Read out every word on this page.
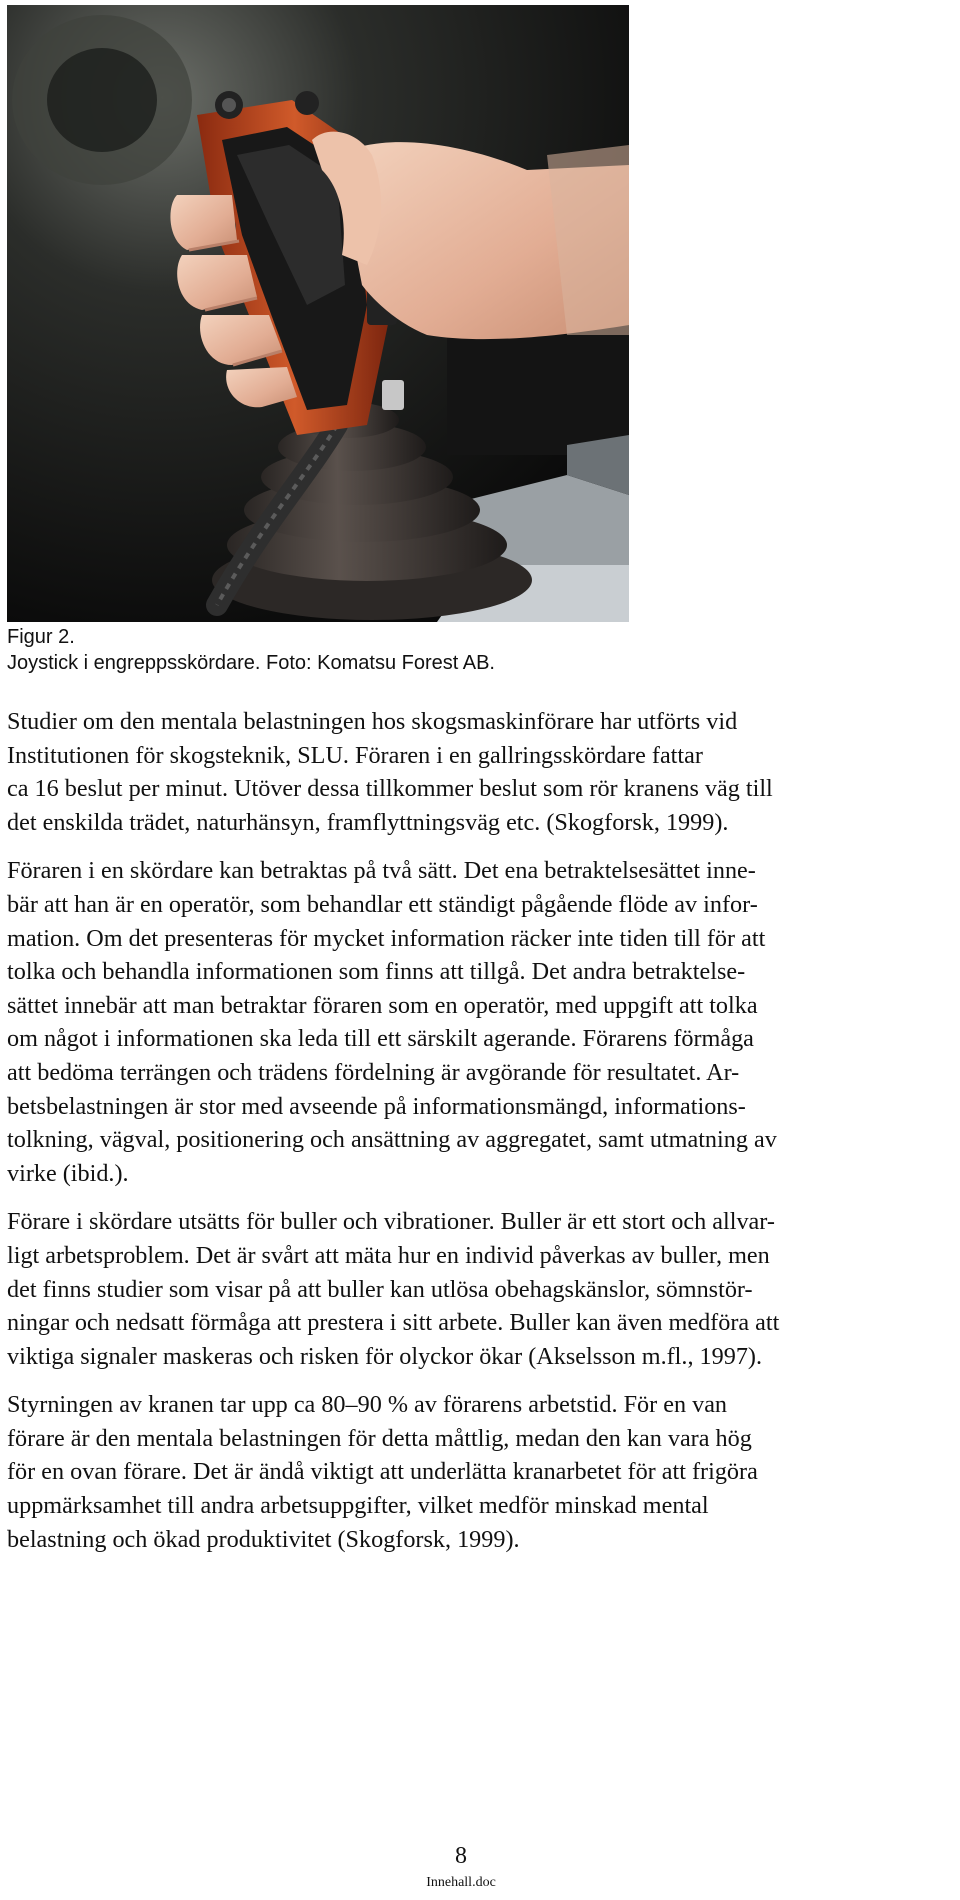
Figur 2.
Joystick i engreppsskördare. Foto: Komatsu Forest AB.
Studier om den mentala belastningen hos skogsmaskinförare har utförts vid
Institutionen för skogsteknik, SLU. Föraren i en gallringsskördare fattar
ca 16 beslut per minut. Utöver dessa tillkommer beslut som rör kranens väg till
det enskilda trädet, naturhänsyn, framflyttningsväg etc. (Skogforsk, 1999).
Föraren i en skördare kan betraktas på två sätt. Det ena betraktelsesättet inne-
bär att han är en operatör, som behandlar ett ständigt pågående flöde av infor-
mation. Om det presenteras för mycket information räcker inte tiden till för att
tolka och behandla informationen som finns att tillgå. Det andra betraktelse-
sättet innebär att man betraktar föraren som en operatör, med uppgift att tolka
om något i informationen ska leda till ett särskilt agerande. Förarens förmåga
att bedöma terrängen och trädens fördelning är avgörande för resultatet. Ar-
betsbelastningen är stor med avseende på informationsmängd, informations-
tolkning, vägval, positionering och ansättning av aggregatet, samt utmatning av
virke (ibid.).
Förare i skördare utsätts för buller och vibrationer. Buller är ett stort och allvar-
ligt arbetsproblem. Det är svårt att mäta hur en individ påverkas av buller, men
det finns studier som visar på att buller kan utlösa obehagskänslor, sömnstör-
ningar och nedsatt förmåga att prestera i sitt arbete. Buller kan även medföra att
viktiga signaler maskeras och risken för olyckor ökar (Akselsson m.fl., 1997).
Styrningen av kranen tar upp ca 80–90 % av förarens arbetstid. För en van
förare är den mentala belastningen för detta måttlig, medan den kan vara hög
för en ovan förare. Det är ändå viktigt att underlätta kranarbetet för att frigöra
uppmärksamhet till andra arbetsuppgifter, vilket medför minskad mental
belastning och ökad produktivitet (Skogforsk, 1999).
8
Innehall.doc
